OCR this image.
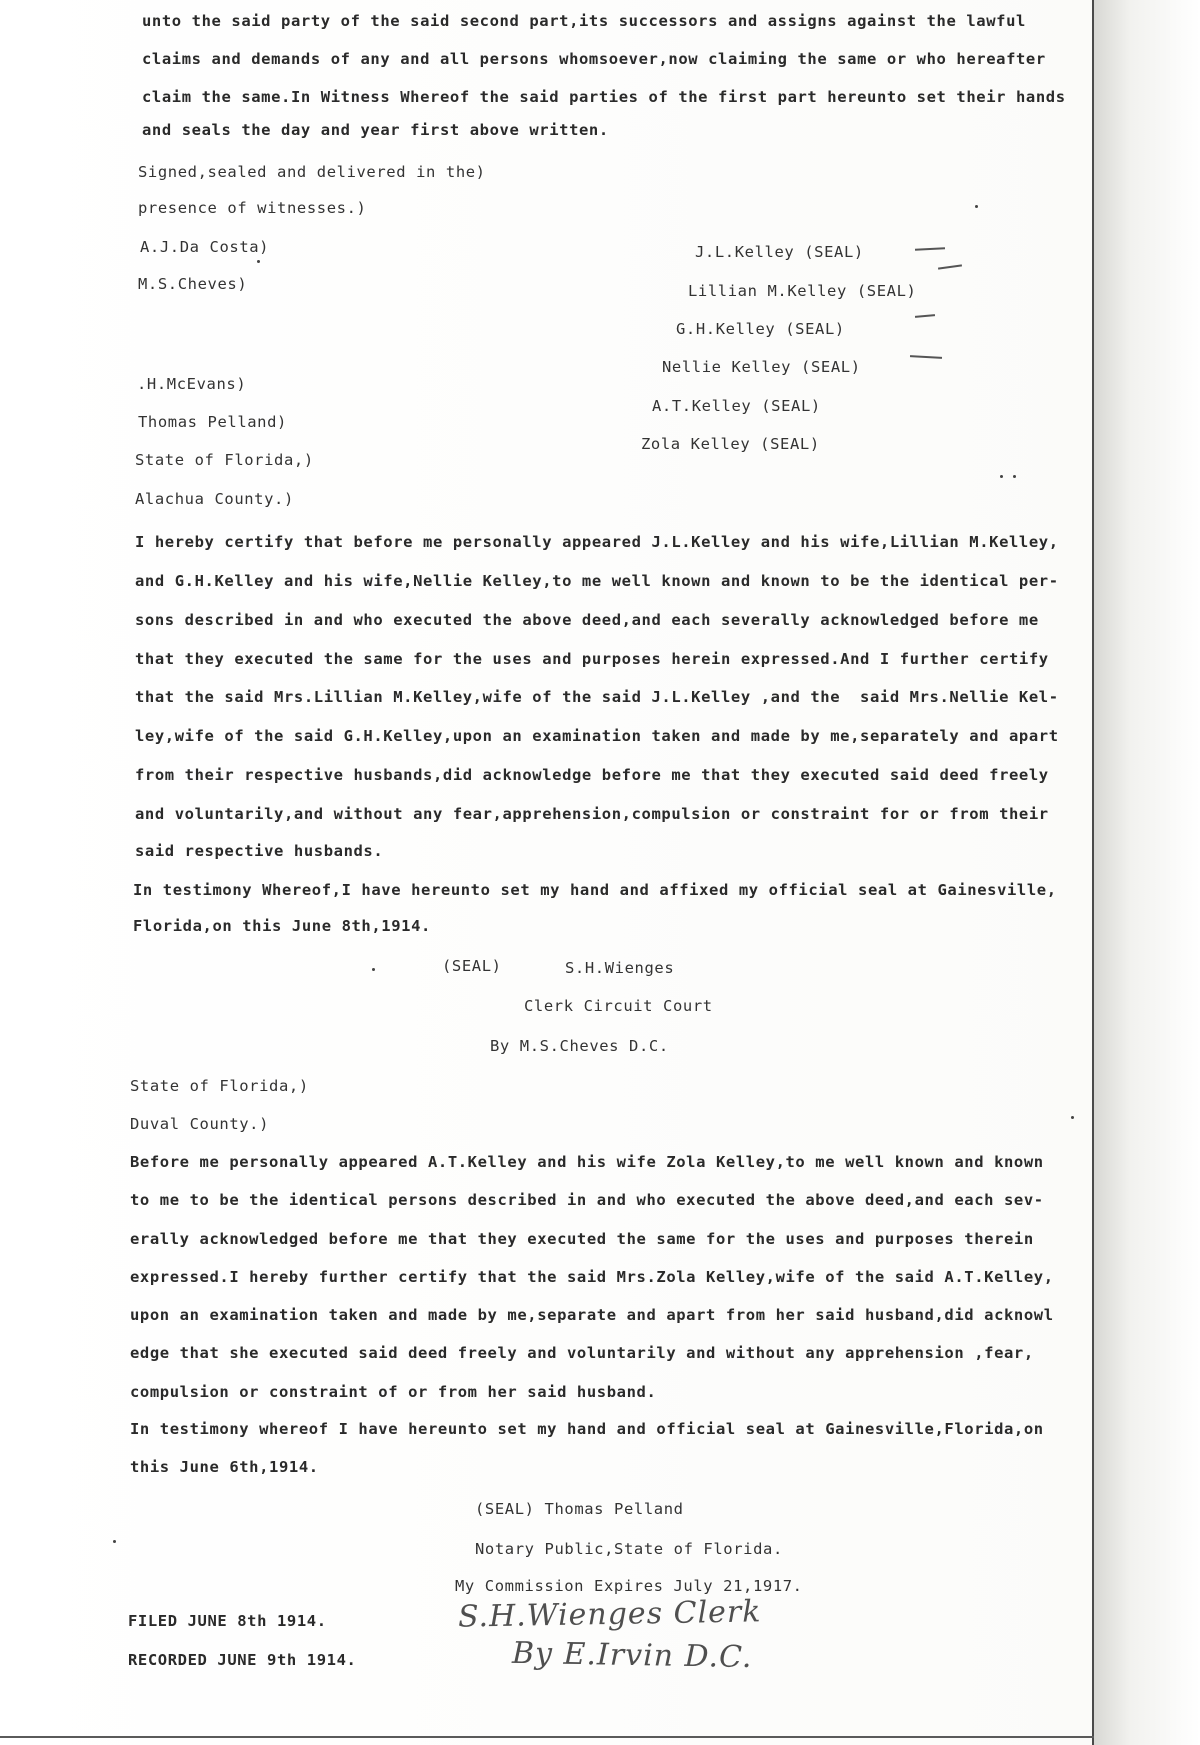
unto the said party of the said second part,its successors and assigns against the lawful
claims and demands of any and all persons whomsoever,now claiming the same or who hereafter
claim the same.In Witness Whereof the said parties of the first part hereunto set their hands
and seals the day and year first above written.
Signed,sealed and delivered in the)
presence of witnesses.)
A.J.Da Costa)
M.S.Cheves)
.H.McEvans)
Thomas Pelland)
J.L.Kelley (SEAL)
Lillian M.Kelley (SEAL)
G.H.Kelley (SEAL)
Nellie Kelley (SEAL)
A.T.Kelley (SEAL)
Zola Kelley (SEAL)
State of Florida,)
Alachua County.)
I hereby certify that before me personally appeared J.L.Kelley and his wife,Lillian M.Kelley,
and G.H.Kelley and his wife,Nellie Kelley,to me well known and known to be the identical per-
sons described in and who executed the above deed,and each severally acknowledged before me
that they executed the same for the uses and purposes herein expressed.And I further certify
that the said Mrs.Lillian M.Kelley,wife of the said J.L.Kelley ,and the  said Mrs.Nellie Kel-
ley,wife of the said G.H.Kelley,upon an examination taken and made by me,separately and apart
from their respective husbands,did acknowledge before me that they executed said deed freely
and voluntarily,and without any fear,apprehension,compulsion or constraint for or from their
said respective husbands.
In testimony Whereof,I have hereunto set my hand and affixed my official seal at Gainesville,
Florida,on this June 8th,1914.
(SEAL)	S.H.Wienges
Clerk Circuit Court
By M.S.Cheves D.C.
State of Florida,)
Duval County.)
Before me personally appeared A.T.Kelley and his wife Zola Kelley,to me well known and known
to me to be the identical persons described in and who executed the above deed,and each sev-
erally acknowledged before me that they executed the same for the uses and purposes therein
expressed.I hereby further certify that the said Mrs.Zola Kelley,wife of the said A.T.Kelley,
upon an examination taken and made by me,separate and apart from her said husband,did acknowl
edge that she executed said deed freely and voluntarily and without any apprehension ,fear,
compulsion or constraint of or from her said husband.
In testimony whereof I have hereunto set my hand and official seal at Gainesville,Florida,on
this June 6th,1914.
(SEAL) Thomas Pelland
Notary Public,State of Florida.
My Commission Expires July 21,1917.
FILED JUNE 8th 1914.
RECORDED JUNE 9th 1914.
S.H.Wienges Clerk
By E.Irvin D.C.
